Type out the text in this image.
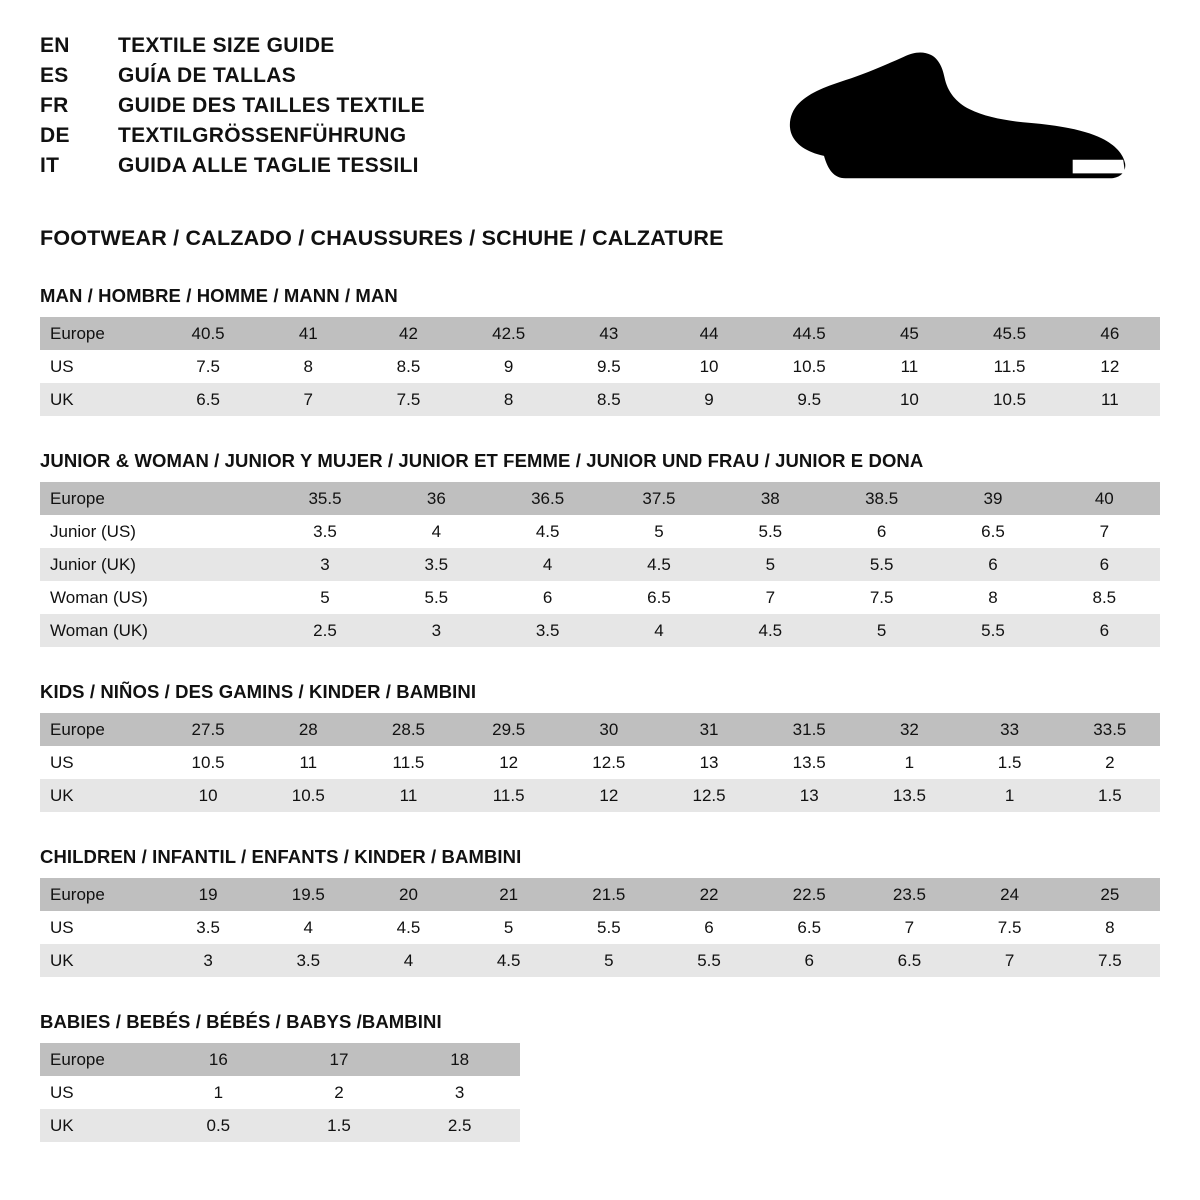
EN	TEXTILE SIZE GUIDE
ES	GUÍA DE TALLAS
FR	GUIDE DES TAILLES TEXTILE
DE	TEXTILGRÖSSENFÜHRUNG
IT	GUIDA ALLE TAGLIE TESSILI
FOOTWEAR / CALZADO / CHAUSSURES / SCHUHE / CALZATURE
MAN / HOMBRE / HOMME / MANN / MAN
Europe	40.5	41	42	42.5	43	44	44.5	45	45.5	46
US	7.5	8	8.5	9	9.5	10	10.5	11	11.5	12
UK	6.5	7	7.5	8	8.5	9	9.5	10	10.5	11
JUNIOR & WOMAN / JUNIOR Y MUJER / JUNIOR ET FEMME / JUNIOR UND FRAU / JUNIOR E DONA
Europe		35.5	36	36.5	37.5	38	38.5	39	40
Junior (US)		3.5	4	4.5	5	5.5	6	6.5	7
Junior (UK)		3	3.5	4	4.5	5	5.5	6	6
Woman (US)		5	5.5	6	6.5	7	7.5	8	8.5
Woman (UK)		2.5	3	3.5	4	4.5	5	5.5	6
KIDS / NIÑOS / DES GAMINS / KINDER / BAMBINI
Europe	27.5	28	28.5	29.5	30	31	31.5	32	33	33.5
US	10.5	11	11.5	12	12.5	13	13.5	1	1.5	2
UK	10	10.5	11	11.5	12	12.5	13	13.5	1	1.5
CHILDREN / INFANTIL / ENFANTS / KINDER / BAMBINI
Europe	19	19.5	20	21	21.5	22	22.5	23.5	24	25
US	3.5	4	4.5	5	5.5	6	6.5	7	7.5	8
UK	3	3.5	4	4.5	5	5.5	6	6.5	7	7.5
BABIES / BEBÉS / BÉBÉS / BABYS /BAMBINI
Europe	16	17	18
US	1	2	3
UK	0.5	1.5	2.5
